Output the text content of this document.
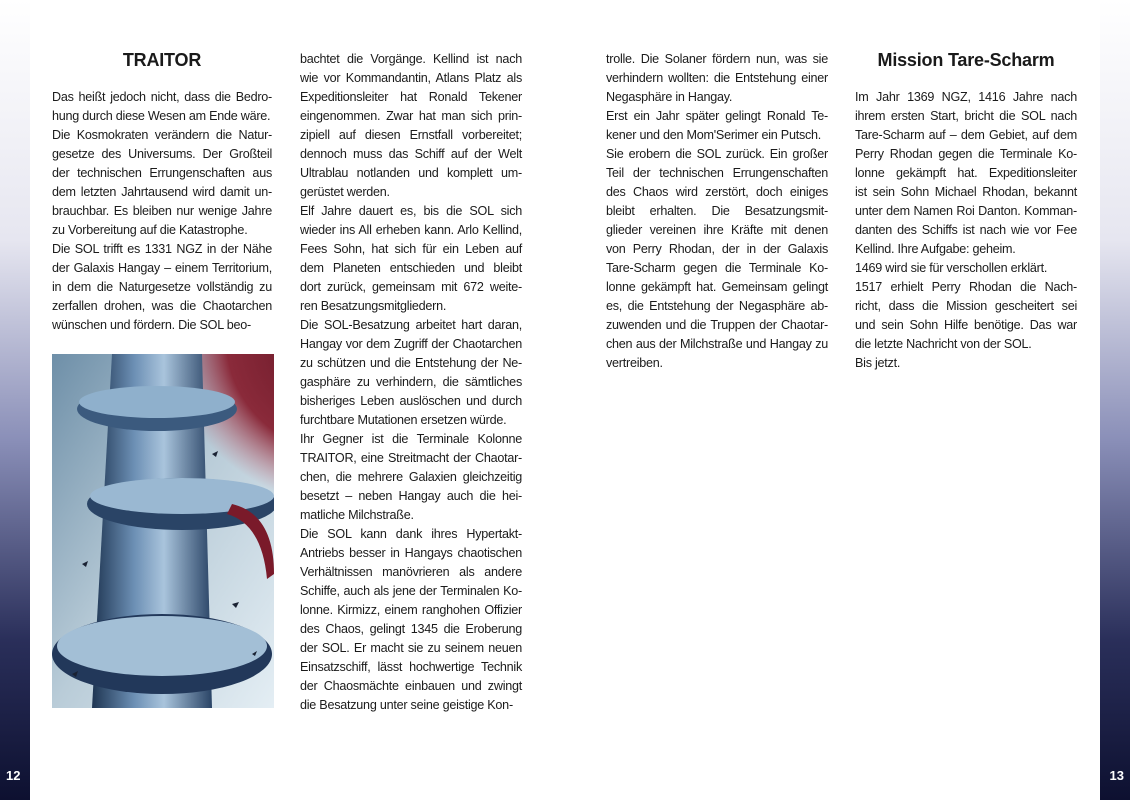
12	13
TRAITOR	Mission Tare-Scharm
Das heißt jedoch nicht, dass die Bedro-
hung durch diese Wesen am Ende wäre.
Die Kosmokraten verändern die Natur-
gesetze des Universums. Der Großteil
der technischen Errungenschaften aus
dem letzten Jahrtausend wird damit un-
brauchbar. Es bleiben nur wenige Jahre
zu Vorbereitung auf die Katastrophe.
Die SOL trifft es 1331 NGZ in der Nähe
der Galaxis Hangay – einem Territorium,
in dem die Naturgesetze vollständig zu
zerfallen drohen, was die Chaotarchen
wünschen und fördern. Die SOL beo-
bachtet die Vorgänge. Kellind ist nach
wie vor Kommandantin, Atlans Platz als
Expeditionsleiter hat Ronald Tekener
eingenommen. Zwar hat man sich prin-
zipiell auf diesen Ernstfall vorbereitet;
dennoch muss das Schiff auf der Welt
Ultrablau notlanden und komplett um-
gerüstet werden.
Elf Jahre dauert es, bis die SOL sich
wieder ins All erheben kann. Arlo Kellind,
Fees Sohn, hat sich für ein Leben auf
dem Planeten entschieden und bleibt
dort zurück, gemeinsam mit 672 weite-
ren Besatzungsmitgliedern.
Die SOL-Besatzung arbeitet hart daran,
Hangay vor dem Zugriff der Chaotarchen
zu schützen und die Entstehung der Ne-
gasphäre zu verhindern, die sämtliches
bisheriges Leben auslöschen und durch
furchtbare Mutationen ersetzen würde.
Ihr Gegner ist die Terminale Kolonne
TRAITOR, eine Streitmacht der Chaotar-
chen, die mehrere Galaxien gleichzeitig
besetzt – neben Hangay auch die hei-
matliche Milchstraße.
Die SOL kann dank ihres Hypertakt-
Antriebs besser in Hangays chaotischen
Verhältnissen manövrieren als andere
Schiffe, auch als jene der Terminalen Ko-
lonne. Kirmizz, einem ranghohen Offizier
des Chaos, gelingt 1345 die Eroberung
der SOL. Er macht sie zu seinem neuen
Einsatzschiff, lässt hochwertige Technik
der Chaosmächte einbauen und zwingt
die Besatzung unter seine geistige Kon-
trolle. Die Solaner fördern nun, was sie
verhindern wollten: die Entstehung einer
Negasphäre in Hangay.
Erst ein Jahr später gelingt Ronald Te-
kener und den Mom'Serimer ein Putsch.
Sie erobern die SOL zurück. Ein großer
Teil der technischen Errungenschaften
des Chaos wird zerstört, doch einiges
bleibt erhalten. Die Besatzungsmit-
glieder vereinen ihre Kräfte mit denen
von Perry Rhodan, der in der Galaxis
Tare-Scharm gegen die Terminale Ko-
lonne gekämpft hat. Gemeinsam gelingt
es, die Entstehung der Negasphäre ab-
zuwenden und die Truppen der Chaotar-
chen aus der Milchstraße und Hangay zu
vertreiben.
Im Jahr 1369 NGZ, 1416 Jahre nach
ihrem ersten Start, bricht die SOL nach
Tare-Scharm auf – dem Gebiet, auf dem
Perry Rhodan gegen die Terminale Ko-
lonne gekämpft hat. Expeditionsleiter
ist sein Sohn Michael Rhodan, bekannt
unter dem Namen Roi Danton. Komman-
danten des Schiffs ist nach wie vor Fee
Kellind. Ihre Aufgabe: geheim.
1469 wird sie für verschollen erklärt.
1517 erhielt Perry Rhodan die Nach-
richt, dass die Mission gescheitert sei
und sein Sohn Hilfe benötige. Das war
die letzte Nachricht von der SOL.
Bis jetzt.
